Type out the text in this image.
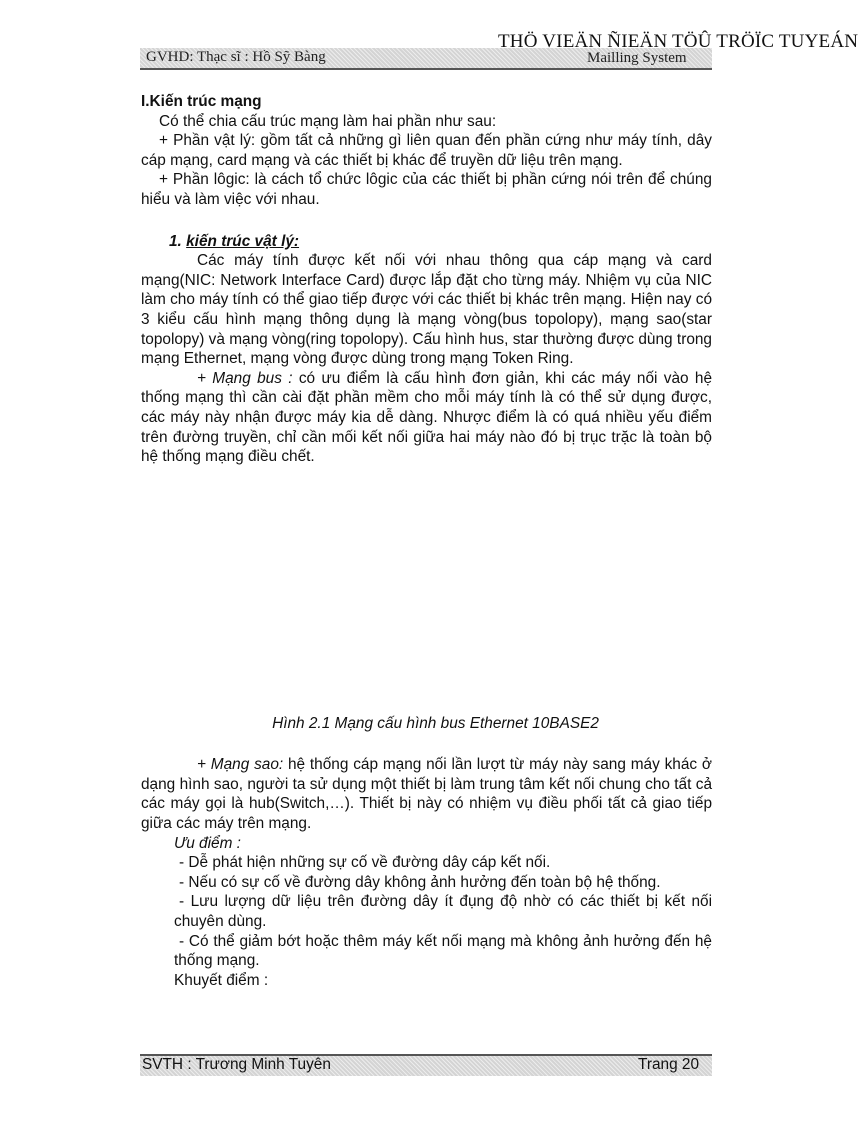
GVHD: Thạc sĩ : Hồ Sỹ Bàng	Mailling System
THÖ VIEÄN ÑIEÄN TÖÛ TRÖÏC TUYEÁN

I.Kiến trúc mạng

Có thể chia cấu trúc mạng làm hai phần như sau:

+ Phần vật lý: gồm tất cả những gì liên quan đến phần cứng như máy tính, dây cáp mạng, card mạng và các thiết bị khác để truyền dữ liệu trên mạng.

+ Phần lôgic: là cách tổ chức lôgic của các thiết bị phần cứng nói trên để chúng hiểu và làm việc với nhau.

1. kiến trúc vật lý:

Các máy tính được kết nối với nhau thông qua cáp mạng và card mạng(NIC: Network Interface Card) được lắp đặt cho từng máy. Nhiệm vụ của NIC làm cho máy tính có thể giao tiếp được với các thiết bị khác trên mạng. Hiện nay có 3 kiểu cấu hình mạng thông dụng là mạng vòng(bus topolopy), mạng sao(star topolopy) và mạng vòng(ring topolopy). Cấu hình hus, star thường được dùng trong mạng Ethernet, mạng vòng được dùng trong mạng Token Ring.

+ Mạng bus : có ưu điểm là cấu hình đơn giản, khi các máy nối vào hệ thống mạng thì cần cài đặt phần mềm cho mỗi máy tính là có thể sử dụng được, các máy này nhận được máy kia dễ dàng. Nhược điểm là có quá nhiều yếu điểm trên đường truyền, chỉ cần mối kết nối giữa hai máy nào đó bị trục trặc là toàn bộ hệ thống mạng điều chết.

Hình 2.1 Mạng cấu hình bus Ethernet 10BASE2

+ Mạng sao: hệ thống cáp mạng nối lần lượt từ máy này sang máy khác ở dạng hình sao, người ta sử dụng một thiết bị làm trung tâm kết nối chung cho tất cả các máy gọi là hub(Switch,…). Thiết bị này có nhiệm vụ điều phối tất cả giao tiếp giữa các máy trên mạng.

Ưu điểm :

- Dễ phát hiện những sự cố về đường dây cáp kết nối.

- Nếu có sự cố về đường dây không ảnh hưởng đến toàn bộ hệ thống.

- Lưu lượng dữ liệu trên đường dây ít đụng độ nhờ có các thiết bị kết nối chuyên dùng.

- Có thể giảm bớt hoặc thêm máy kết nối mạng mà không ảnh hưởng đến hệ thống mạng.

Khuyết điểm :

SVTH : Trương Minh Tuyên	Trang 20
